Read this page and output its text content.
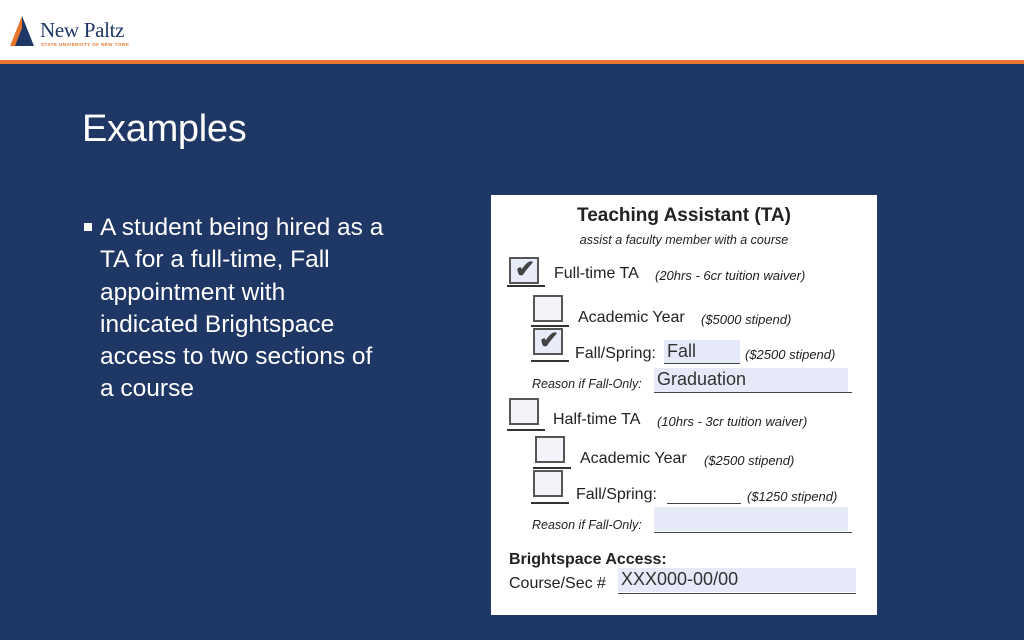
New Paltz
STATE UNIVERSITY OF NEW YORK
Examples
A student being hired as a TA for a full-time, Fall appointment with indicated Brightspace access to two sections of a course
Teaching Assistant (TA)
assist a faculty member with a course
✔ Full-time TA (20hrs - 6cr tuition waiver)
Academic Year ($5000 stipend)
✔ Fall/Spring: Fall	($2500 stipend)
Reason if Fall-Only: Graduation
Half-time TA (10hrs - 3cr tuition waiver)
Academic Year ($2500 stipend)
Fall/Spring:	($1250 stipend)
Reason if Fall-Only:
Brightspace Access:
Course/Sec # XXX000-00/00
